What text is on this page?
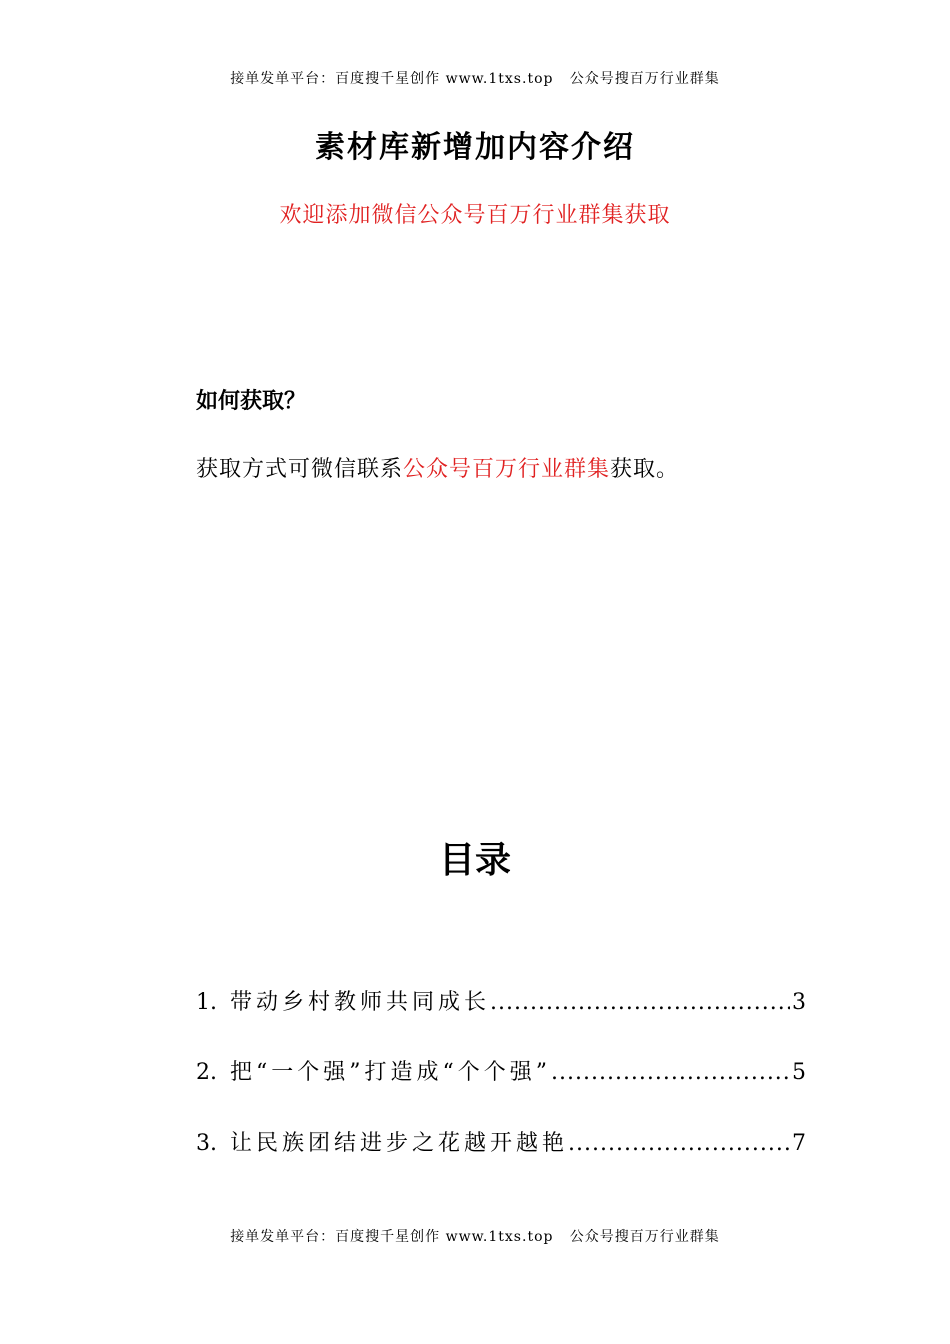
接单发单平台：百度搜千星创作 www.1txs.top   公众号搜百万行业群集
素材库新增加内容介绍
欢迎添加微信公众号百万行业群集获取
如何获取？
获取方式可微信联系公众号百万行业群集获取。
目录
1. 带动乡村教师共同成长 .....	3
2. 把“一个强”打造成“个个强” .....	5
3. 让民族团结进步之花越开越艳 .....	7
接单发单平台：百度搜千星创作 www.1txs.top   公众号搜百万行业群集
